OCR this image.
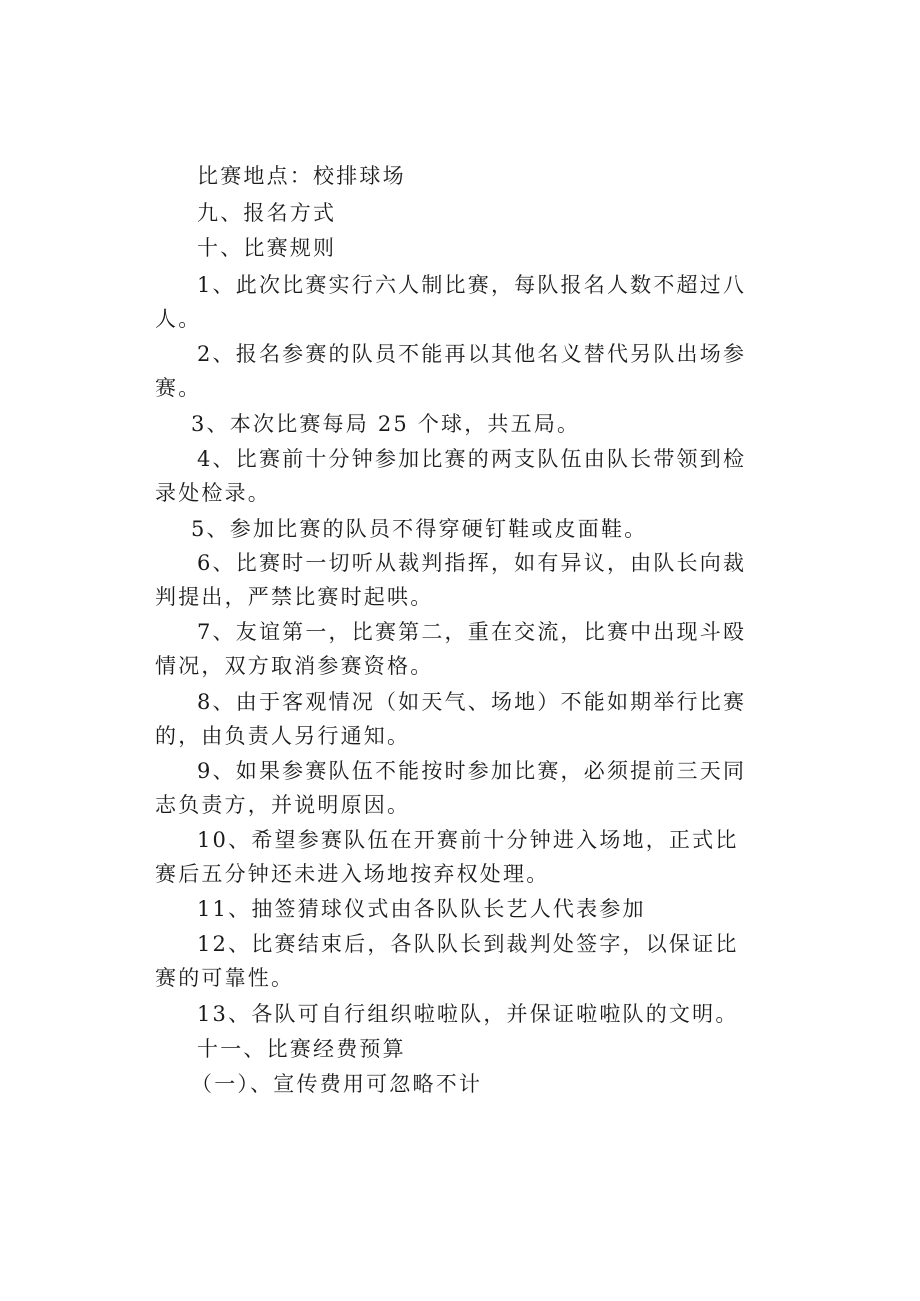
比赛地点：校排球场

九、报名方式

十、比赛规则

1、此次比赛实行六人制比赛，每队报名人数不超过八

人。

2、报名参赛的队员不能再以其他名义替代另队出场参

赛。

3、本次比赛每局 25 个球，共五局。

4、比赛前十分钟参加比赛的两支队伍由队长带领到检

录处检录。

5、参加比赛的队员不得穿硬钉鞋或皮面鞋。

6、比赛时一切听从裁判指挥，如有异议，由队长向裁

判提出，严禁比赛时起哄。

7、友谊第一，比赛第二，重在交流，比赛中出现斗殴

情况，双方取消参赛资格。

8、由于客观情况（如天气、场地）不能如期举行比赛

的，由负责人另行通知。

9、如果参赛队伍不能按时参加比赛，必须提前三天同

志负责方，并说明原因。

10、希望参赛队伍在开赛前十分钟进入场地，正式比

赛后五分钟还未进入场地按弃权处理。

11、抽签猜球仪式由各队队长艺人代表参加

12、比赛结束后，各队队长到裁判处签字，以保证比

赛的可靠性。

13、各队可自行组织啦啦队，并保证啦啦队的文明。

十一、比赛经费预算

（一）、宣传费用可忽略不计
